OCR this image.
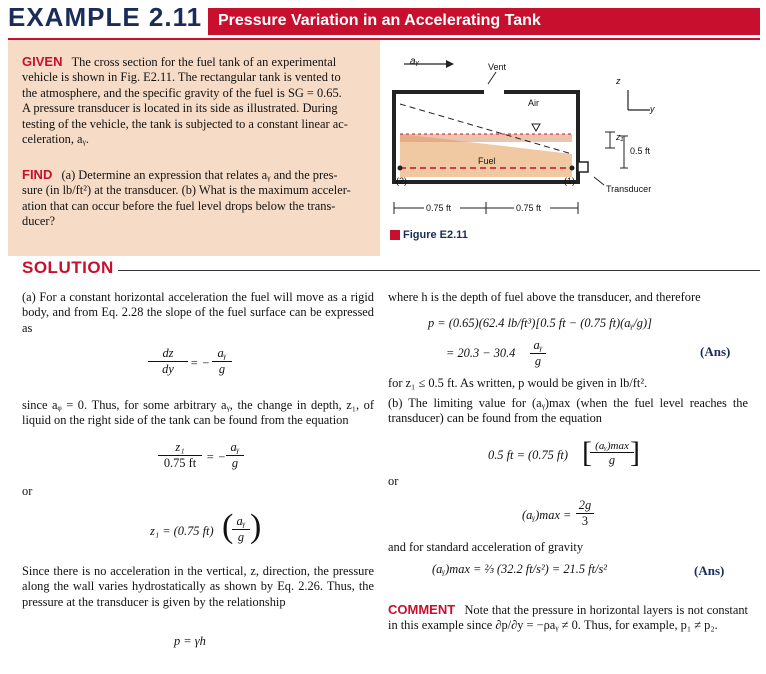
EXAMPLE 2.11 Pressure Variation in an Accelerating Tank
GIVEN The cross section for the fuel tank of an experimental
vehicle is shown in Fig. E2.11. The rectangular tank is vented to
the atmosphere, and the specific gravity of the fuel is SG = 0.65.
A pressure transducer is located in its side as illustrated. During
testing of the vehicle, the tank is subjected to a constant linear ac-
celeration, aᵧ.
FIND (a) Determine an expression that relates aᵧ and the pres-
sure (in lb/ft²) at the transducer. (b) What is the maximum acceler-
ation that can occur before the fuel level drops below the trans-
ducer?
aᵧ	Vent
Air
Fuel
z
y
z₁
0.5 ft
Transducer
(2)	(1)
0.75 ft	0.75 ft
Figure E2.11
SOLUTION
(a) For a constant horizontal acceleration the fuel will move as a rigid body, and from Eq. 2.28 the slope of the fuel surface can be expressed as
dz
dy	= −
aᵧ
g
since aᵩ = 0. Thus, for some arbitrary aᵧ, the change in depth, z₁, of liquid on the right side of the tank can be found from the equation
z₁
0.75 ft = −
aᵧ
g
or
z₁ = (0.75 ft)
aᵧ
g
( )
Since there is no acceleration in the vertical, z, direction, the pressure along the wall varies hydrostatically as shown by Eq. 2.26. Thus, the pressure at the transducer is given by the relationship
p = γh
where h is the depth of fuel above the transducer, and therefore
p = (0.65)(62.4 lb/ft³)[0.5 ft − (0.75 ft)(aᵧ/g)]
= 20.3 − 30.4
aᵧ
g
(Ans)
for z₁ ≤ 0.5 ft. As written, p would be given in lb/ft².
(b) The limiting value for (aᵧ)max (when the fuel level reaches the transducer) can be found from the equation
0.5 ft = (0.75 ft)
(aᵧ)max
g
[ ]
or
(aᵧ)max =
2g
3
and for standard acceleration of gravity
(aᵧ)max = ⅔ (32.2 ft/s²) = 21.5 ft/s²	(Ans)
COMMENT Note that the pressure in horizontal layers is not constant in this example since ∂p/∂y = −ρaᵧ ≠ 0. Thus, for example, p₁ ≠ p₂.
